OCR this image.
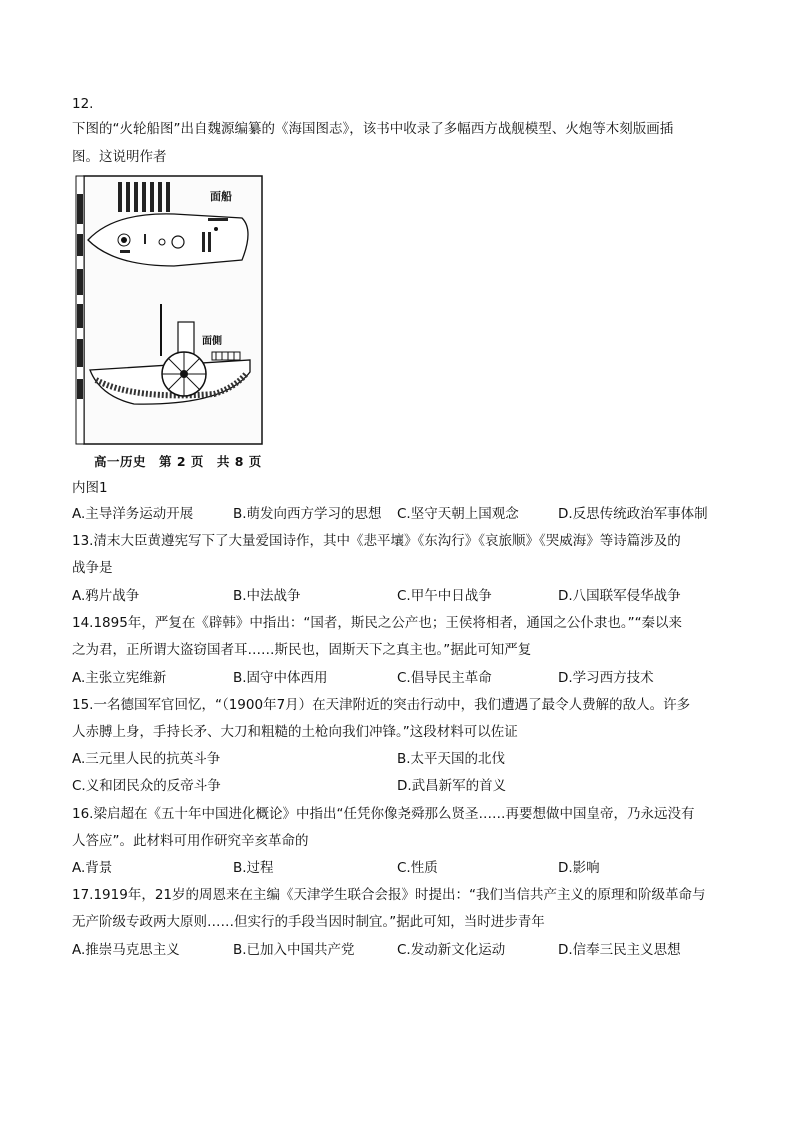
12.
下图的“火轮船图”出自魏源编纂的《海国图志》，该书中收录了多幅西方战舰模型、火炮等木刻版画插
图。这说明作者
面船
面側
高一历史　第 2 页　共 8 页
内图1
A.主导洋务运动开展	B.萌发向西方学习的思想 C.坚守天朝上国观念	D.反思传统政治军事体制
13.清末大臣黄遵宪写下了大量爱国诗作，其中《悲平壤》《东沟行》《哀旅顺》《哭威海》等诗篇涉及的
战争是
A.鸦片战争	B.中法战争	C.甲午中日战争	D.八国联军侵华战争
14.1895年，严复在《辟韩》中指出：“国者，斯民之公产也；王侯将相者，通国之公仆隶也。”“秦以来
之为君，正所谓大盗窃国者耳……斯民也，固斯天下之真主也。”据此可知严复
A.主张立宪维新	B.固守中体西用	C.倡导民主革命	D.学习西方技术
15.一名德国军官回忆，“（1900年7月）在天津附近的突击行动中，我们遭遇了最令人费解的敌人。许多
人赤膊上身，手持长矛、大刀和粗糙的土枪向我们冲锋。”这段材料可以佐证
A.三元里人民的抗英斗争	B.太平天国的北伐
C.义和团民众的反帝斗争	D.武昌新军的首义
16.梁启超在《五十年中国进化概论》中指出“任凭你像尧舜那么贤圣……再要想做中国皇帝，乃永远没有
人答应”。此材料可用作研究辛亥革命的
A.背景	B.过程	C.性质	D.影响
17.1919年，21岁的周恩来在主编《天津学生联合会报》时提出：“我们当信共产主义的原理和阶级革命与
无产阶级专政两大原则……但实行的手段当因时制宜。”据此可知，当时进步青年
A.推崇马克思主义	B.已加入中国共产党	C.发动新文化运动	D.信奉三民主义思想
